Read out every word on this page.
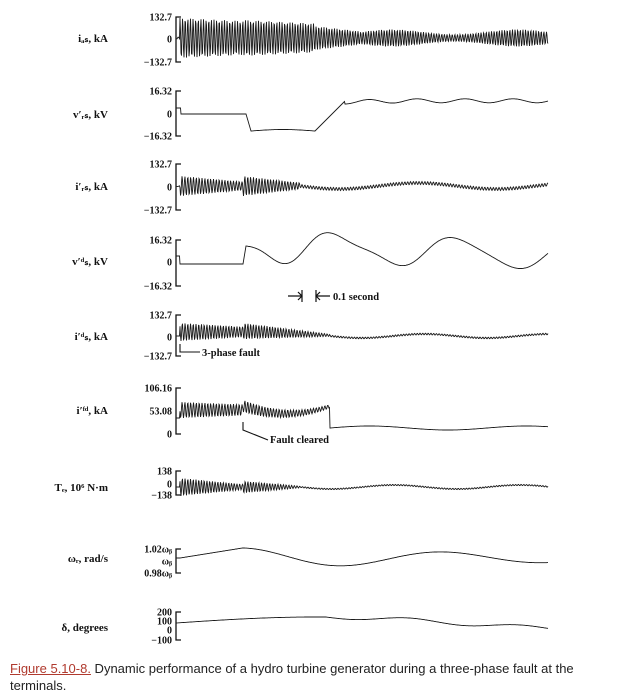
iₐₛ, kA
132.7
0
−132.7
v′ᵣₛ, kV
16.32
0
−16.32
i′ᵣₛ, kA
132.7
0
−132.7
v′ᵈₛ, kV
16.32
0
−16.32
i′ᵈₛ, kA
132.7
0
−132.7
i′ᶠᵈ, kA
106.16
53.08
0
Tₑ, 10⁶ N·m
138
0
−138
ωᵣ, rad/s
1.02ωᵦ
ωᵦ
0.98ωᵦ
δ, degrees
200
100
0
−100
0.1 second
3-phase fault
Fault cleared
Figure 5.10-8. Dynamic performance of a hydro turbine generator during a three-phase fault at the terminals.
